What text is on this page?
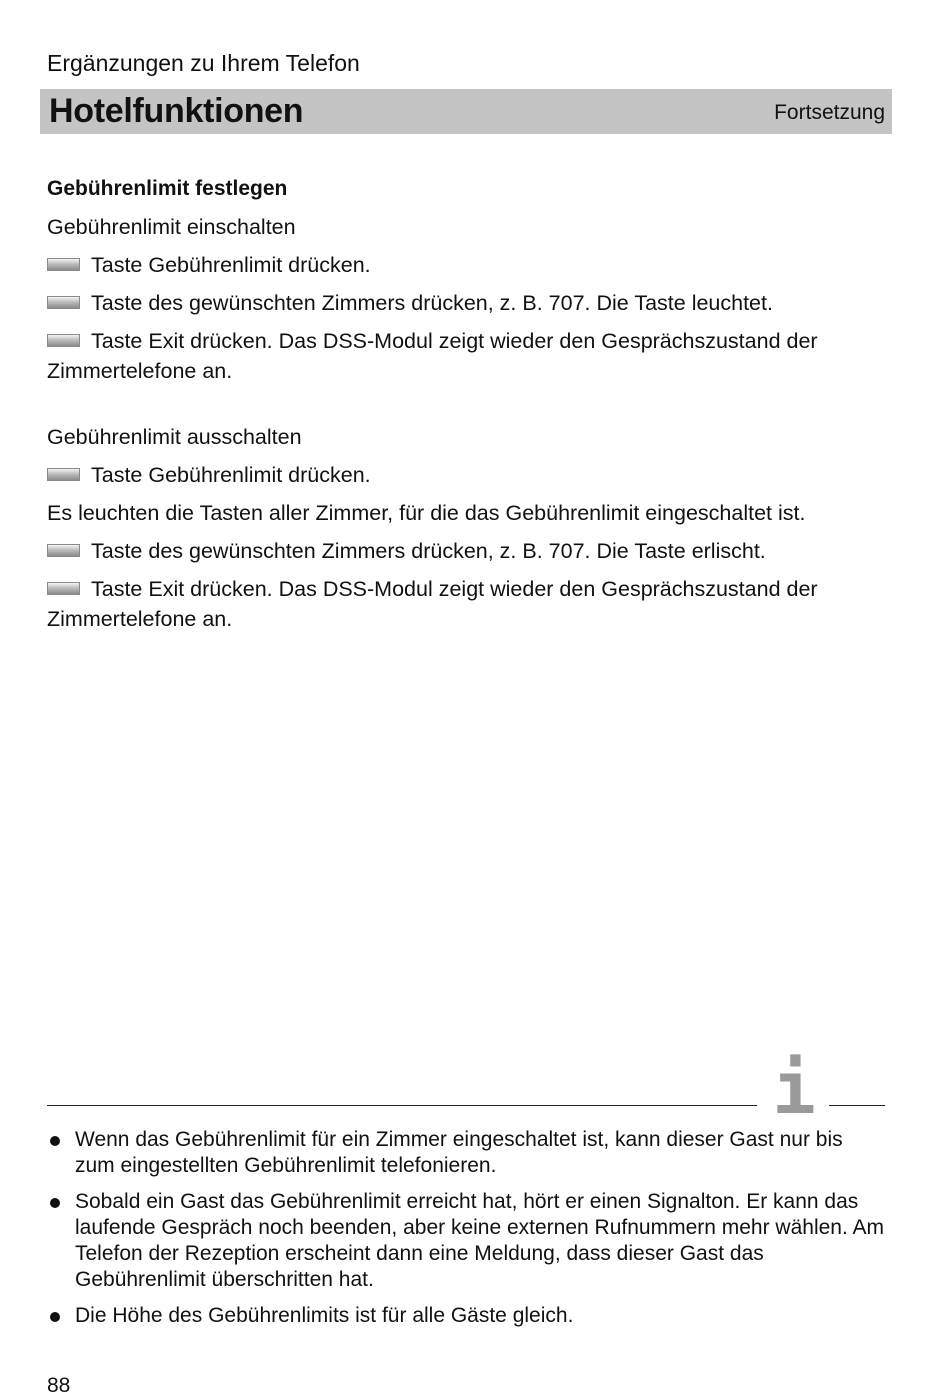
Ergänzungen zu Ihrem Telefon
Hotelfunktionen	Fortsetzung

Gebührenlimit festlegen

Gebührenlimit einschalten

Taste Gebührenlimit drücken.

Taste des gewünschten Zimmers drücken, z. B. 707. Die Taste leuchtet.

Taste Exit drücken. Das DSS-Modul zeigt wieder den Gesprächszustand der Zimmertelefone an.

Gebührenlimit ausschalten

Taste Gebührenlimit drücken.

Es leuchten die Tasten aller Zimmer, für die das Gebührenlimit eingeschaltet ist.

Taste des gewünschten Zimmers drücken, z. B. 707. Die Taste erlischt.

Taste Exit drücken. Das DSS-Modul zeigt wieder den Gesprächszustand der Zimmertelefone an.

i
Wenn das Gebührenlimit für ein Zimmer eingeschaltet ist, kann dieser Gast nur bis zum eingestellten Gebührenlimit telefonieren.
Sobald ein Gast das Gebührenlimit erreicht hat, hört er einen Signalton. Er kann das laufende Gespräch noch beenden, aber keine externen Rufnummern mehr wählen. Am Telefon der Rezeption erscheint dann eine Meldung, dass dieser Gast das Gebührenlimit überschritten hat.
Die Höhe des Gebührenlimits ist für alle Gäste gleich.
88
